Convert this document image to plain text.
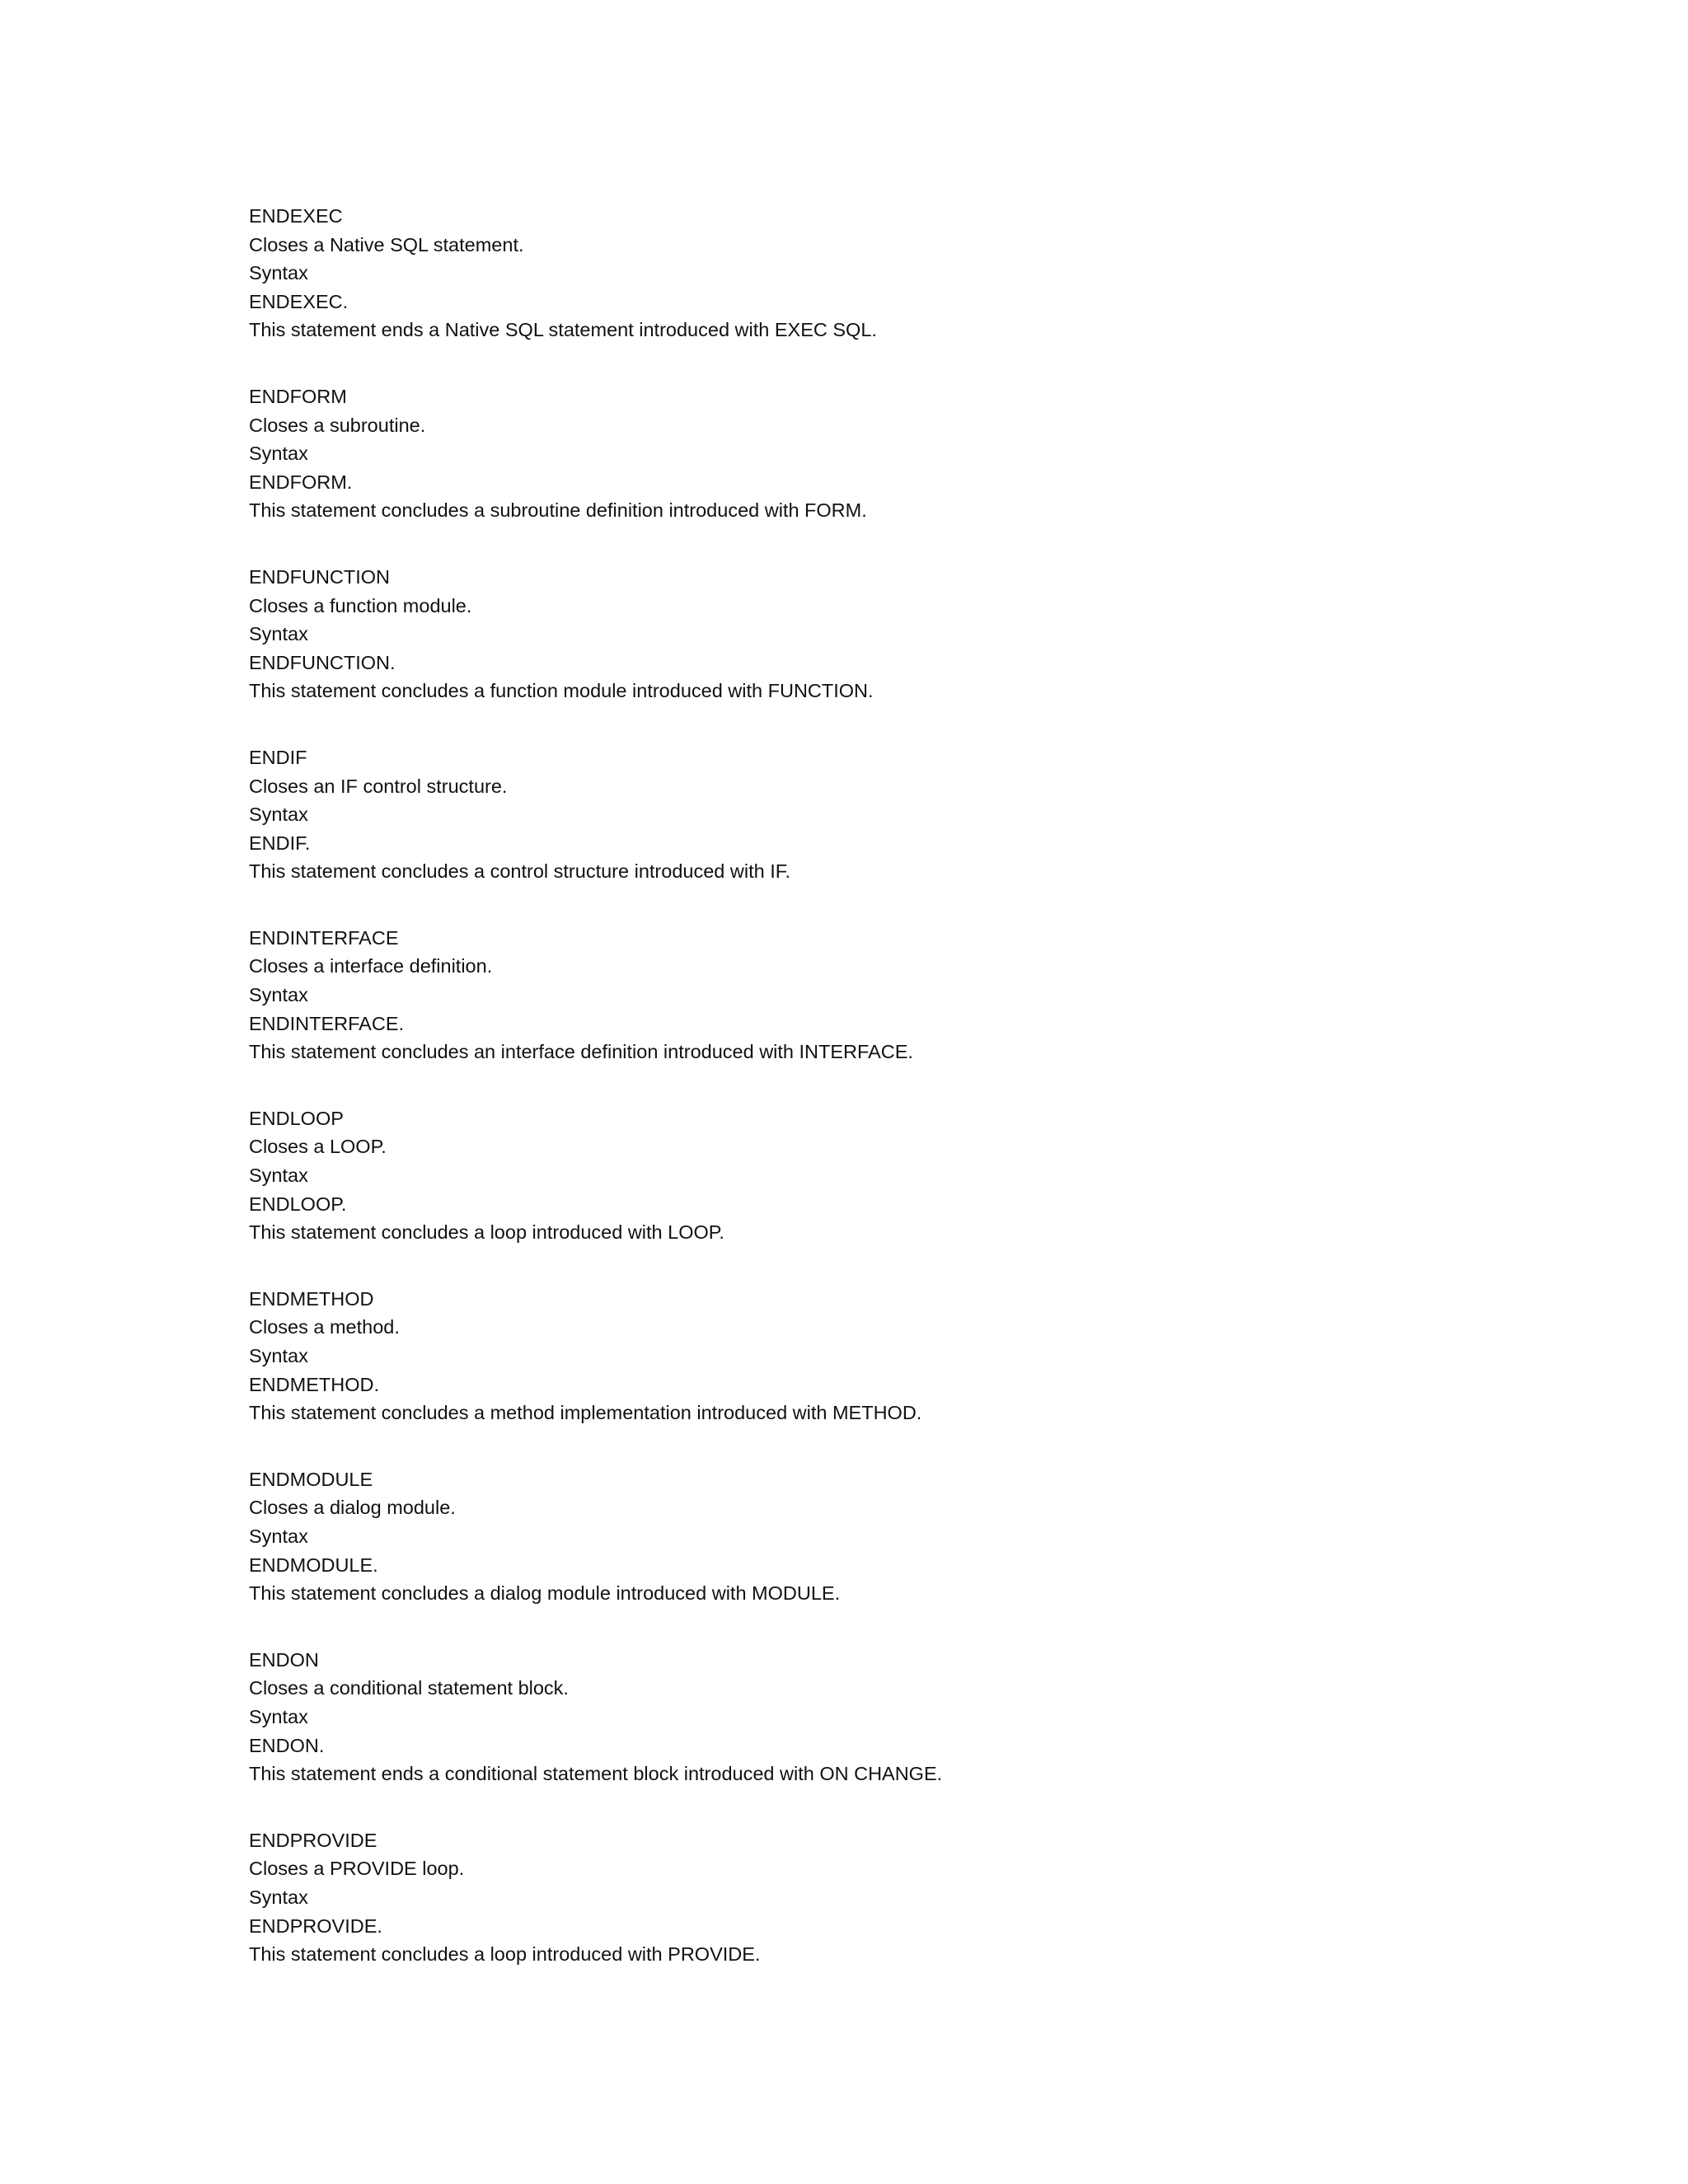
ENDEXEC
Closes a Native SQL statement.
Syntax
ENDEXEC.
This statement ends a Native SQL statement introduced with EXEC SQL.
ENDFORM
Closes a subroutine.
Syntax
ENDFORM.
This statement concludes a subroutine definition introduced with FORM.
ENDFUNCTION
Closes a function module.
Syntax
ENDFUNCTION.
This statement concludes a function module introduced with FUNCTION.
ENDIF
Closes an IF control structure.
Syntax
ENDIF.
This statement concludes a control structure introduced with IF.
ENDINTERFACE
Closes a interface definition.
Syntax
ENDINTERFACE.
This statement concludes an interface definition introduced with INTERFACE.
ENDLOOP
Closes a LOOP.
Syntax
ENDLOOP.
This statement concludes a loop introduced with LOOP.
ENDMETHOD
Closes a method.
Syntax
ENDMETHOD.
This statement concludes a method implementation introduced with METHOD.
ENDMODULE
Closes a dialog module.
Syntax
ENDMODULE.
This statement concludes a dialog module introduced with MODULE.
ENDON
Closes a conditional statement block.
Syntax
ENDON.
This statement ends a conditional statement block introduced with ON CHANGE.
ENDPROVIDE
Closes a PROVIDE loop.
Syntax
ENDPROVIDE.
This statement concludes a loop introduced with PROVIDE.
